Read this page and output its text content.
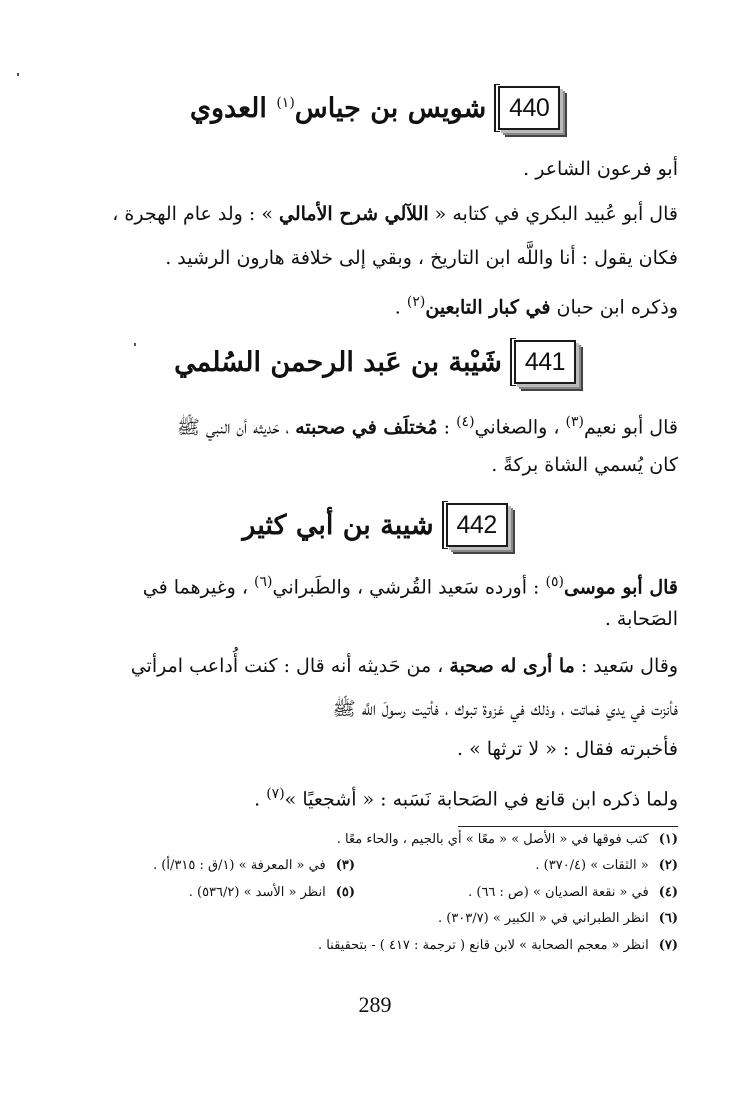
440
شويس بن جياس$^{(١)}$ العدوي
أبو فرعون الشاعر .
قال أبو عُبيد البكري في كتابه « اللآلي شرح الأمالي » : ولد عام الهجرة ،
فكان يقول : أنا واللَّه ابن التاريخ ، وبقي إلى خلافة هارون الرشيد .
وذكره ابن حبان في كبار التابعين$^{(٢)}$ .
441
شَيْبة بن عَبد الرحمن السُلمي
قال أبو نعيم$^{(٣)}$ ، والصغاني$^{(٤)}$ : مُختلَف في صحبته ، حَديثه أن النبي ﷺ
كان يُسمي الشاة بركةً .
442
شيبة بن أبي كثير
قال أبو موسى$^{(٥)}$ : أورده سَعيد القُرشي ، والطَبراني$^{(٦)}$ ، وغيرهما في
الصَحابة .
وقال سَعيد : ما أرى له صحبة ، من حَديثه أنه قال : كنت أُداعب امرأتي
فأنزت في يدي فماتت ، وذلك في غزوة تبوك ، فأتيت رسولَ اللَّه ﷺ
فأخبرته فقال : « لا ترثها » .
ولما ذكره ابن قانع في الصَحابة نَسَبه : « أشجعيًا »$^{(٧)}$ .
(١)كتب فوقها في « الأصل » « معًا » أي بالجيم ، والحاء معًا .
(٢)« الثقات » (٣٧٠/٤) .
(٣)في « المعرفة » (١/ق : ٣١٥/أ) .
(٤)في « نقعة الصديان » (ص : ٦٦) .
(٥)انظر « الأسد » (٥٣٦/٢) .
(٦)انظر الطبراني في « الكبير » (٣٠٣/٧) .
(٧)انظر « معجم الصحابة » لابن قانع ( ترجمة : ٤١٧ ) - بتحقيقنا .
289
